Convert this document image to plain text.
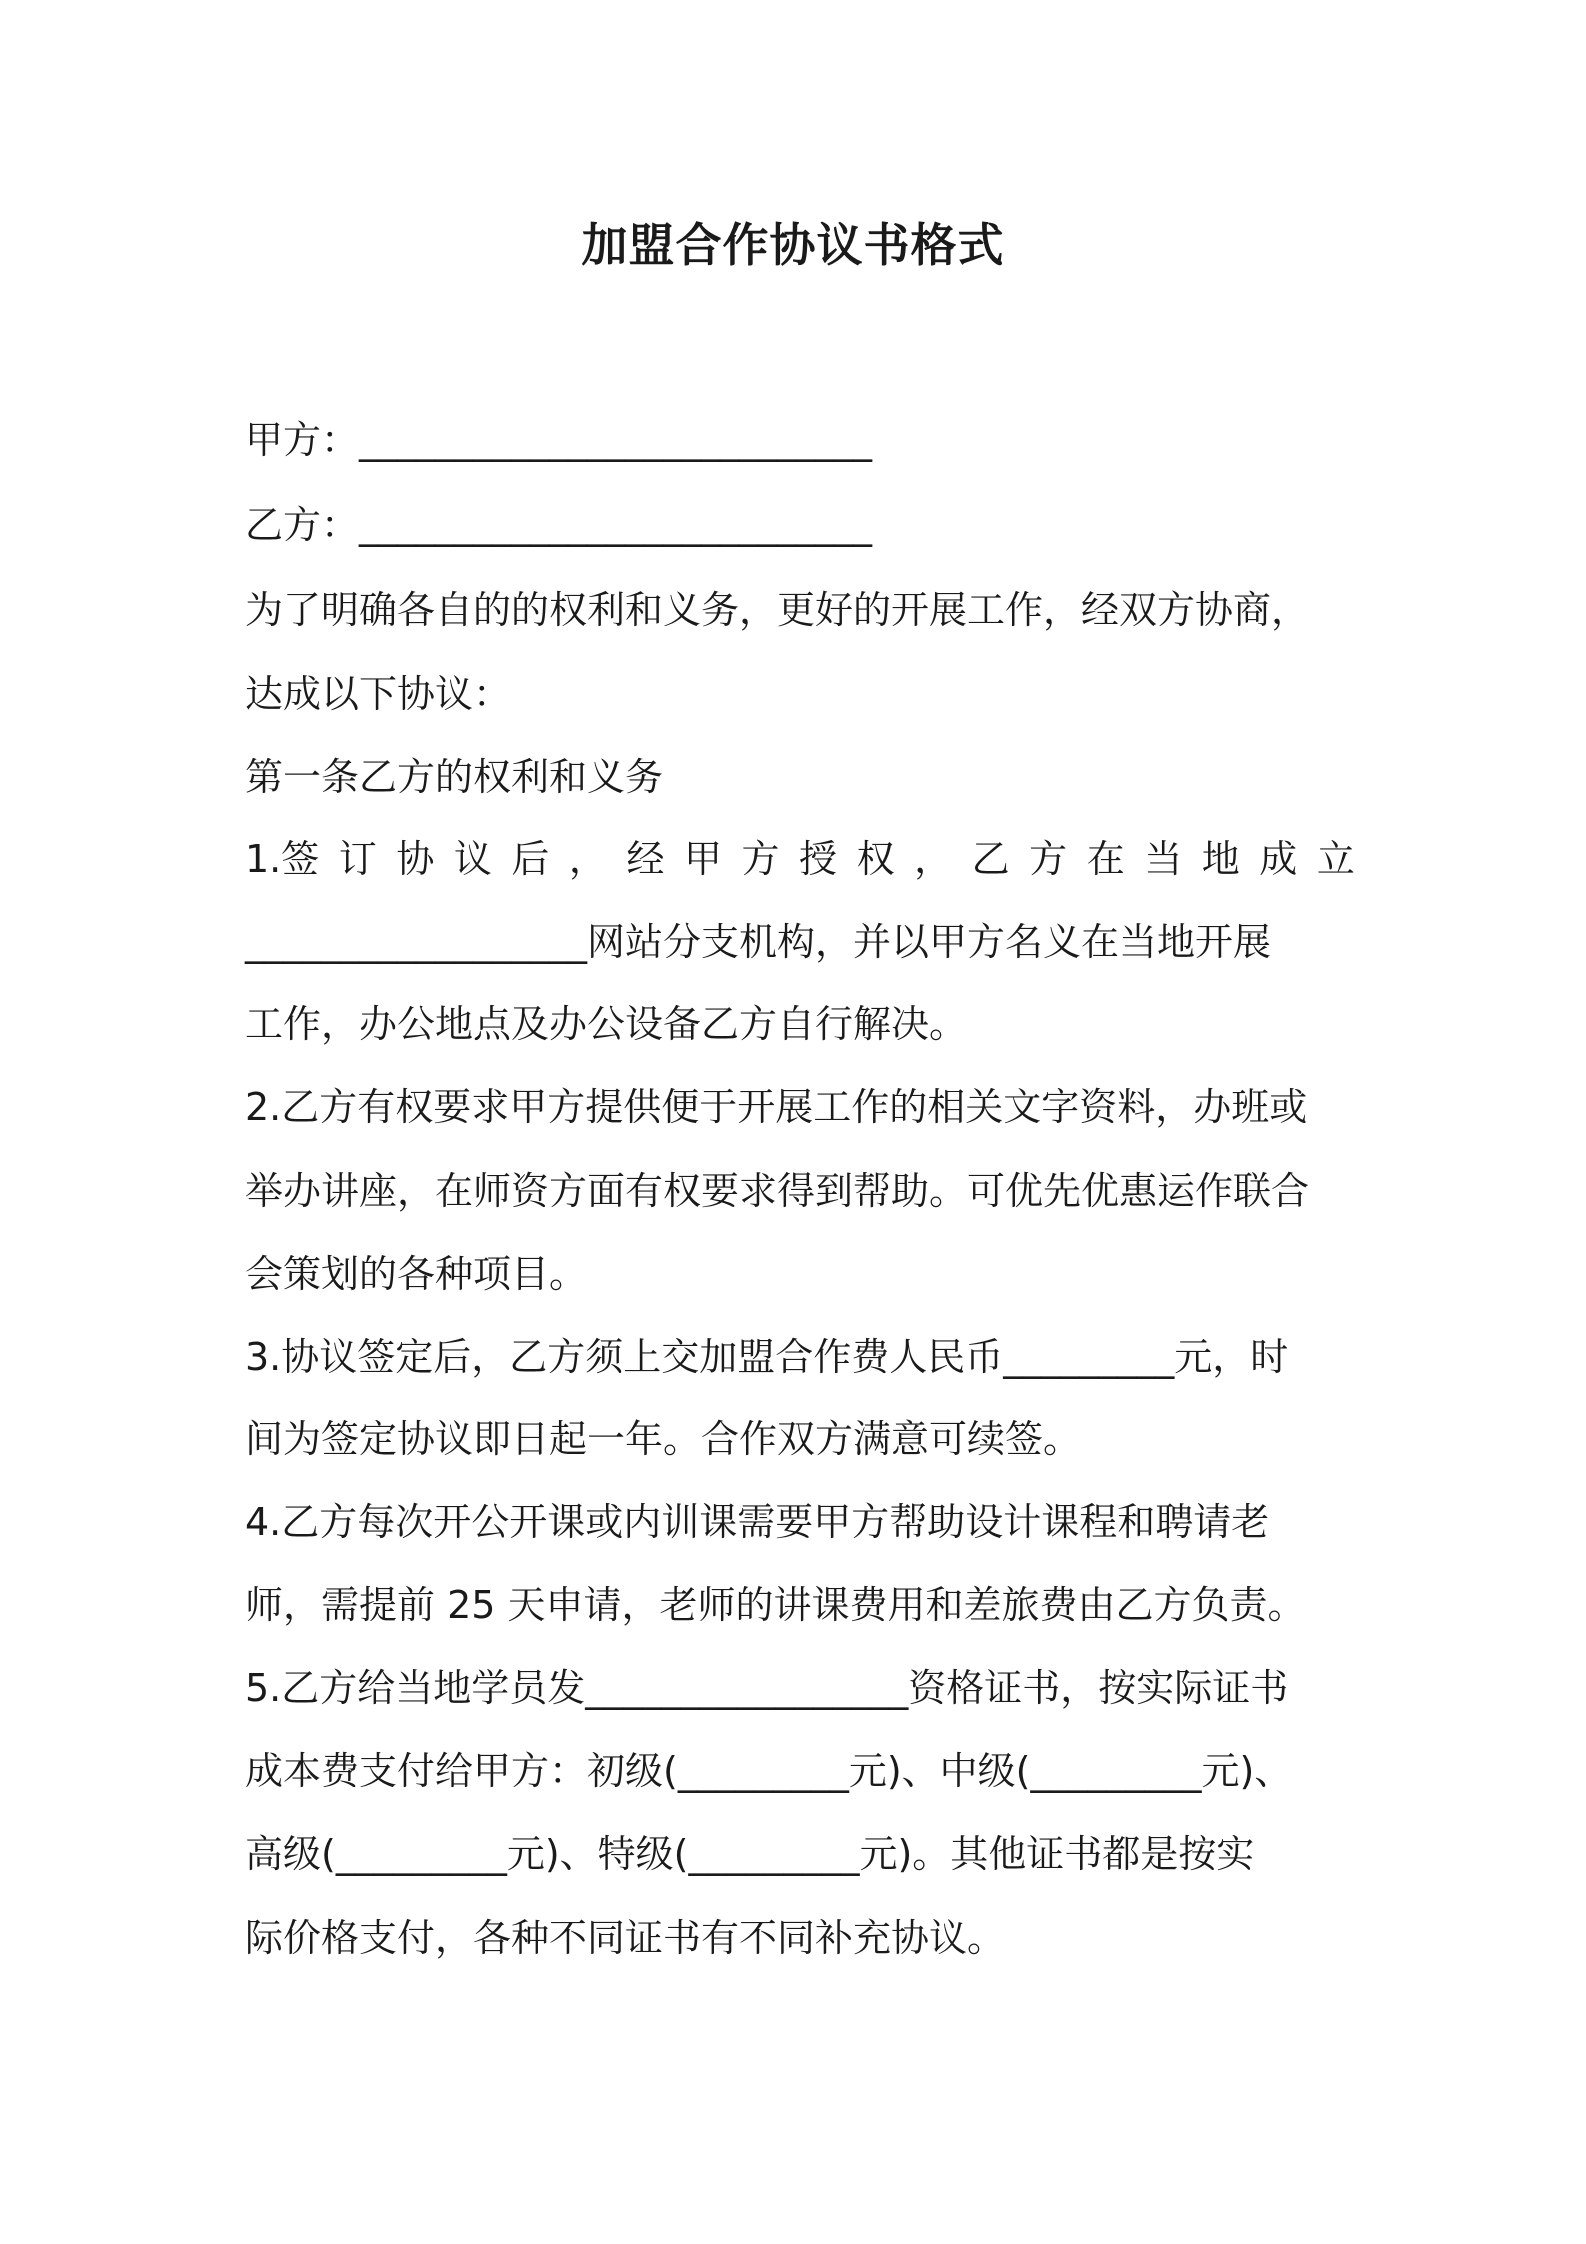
加盟合作协议书格式
甲方：___________________________
乙方：___________________________
为了明确各自的的权利和义务，更好的开展工作，经双方协商，
达成以下协议：
第一条乙方的权利和义务
1.签 订 协 议 后 ， 经 甲 方 授 权 ， 乙 方 在 当 地 成 立
__________________网站分支机构，并以甲方名义在当地开展
工作，办公地点及办公设备乙方自行解决。
2.乙方有权要求甲方提供便于开展工作的相关文字资料，办班或
举办讲座，在师资方面有权要求得到帮助。可优先优惠运作联合
会策划的各种项目。
3.协议签定后，乙方须上交加盟合作费人民币_________元，时
间为签定协议即日起一年。合作双方满意可续签。
4.乙方每次开公开课或内训课需要甲方帮助设计课程和聘请老
师，需提前 25 天申请，老师的讲课费用和差旅费由乙方负责。
5.乙方给当地学员发_________________资格证书，按实际证书
成本费支付给甲方：初级(_________元)、中级(_________元)、
高级(_________元)、特级(_________元)。其他证书都是按实
际价格支付，各种不同证书有不同补充协议。
